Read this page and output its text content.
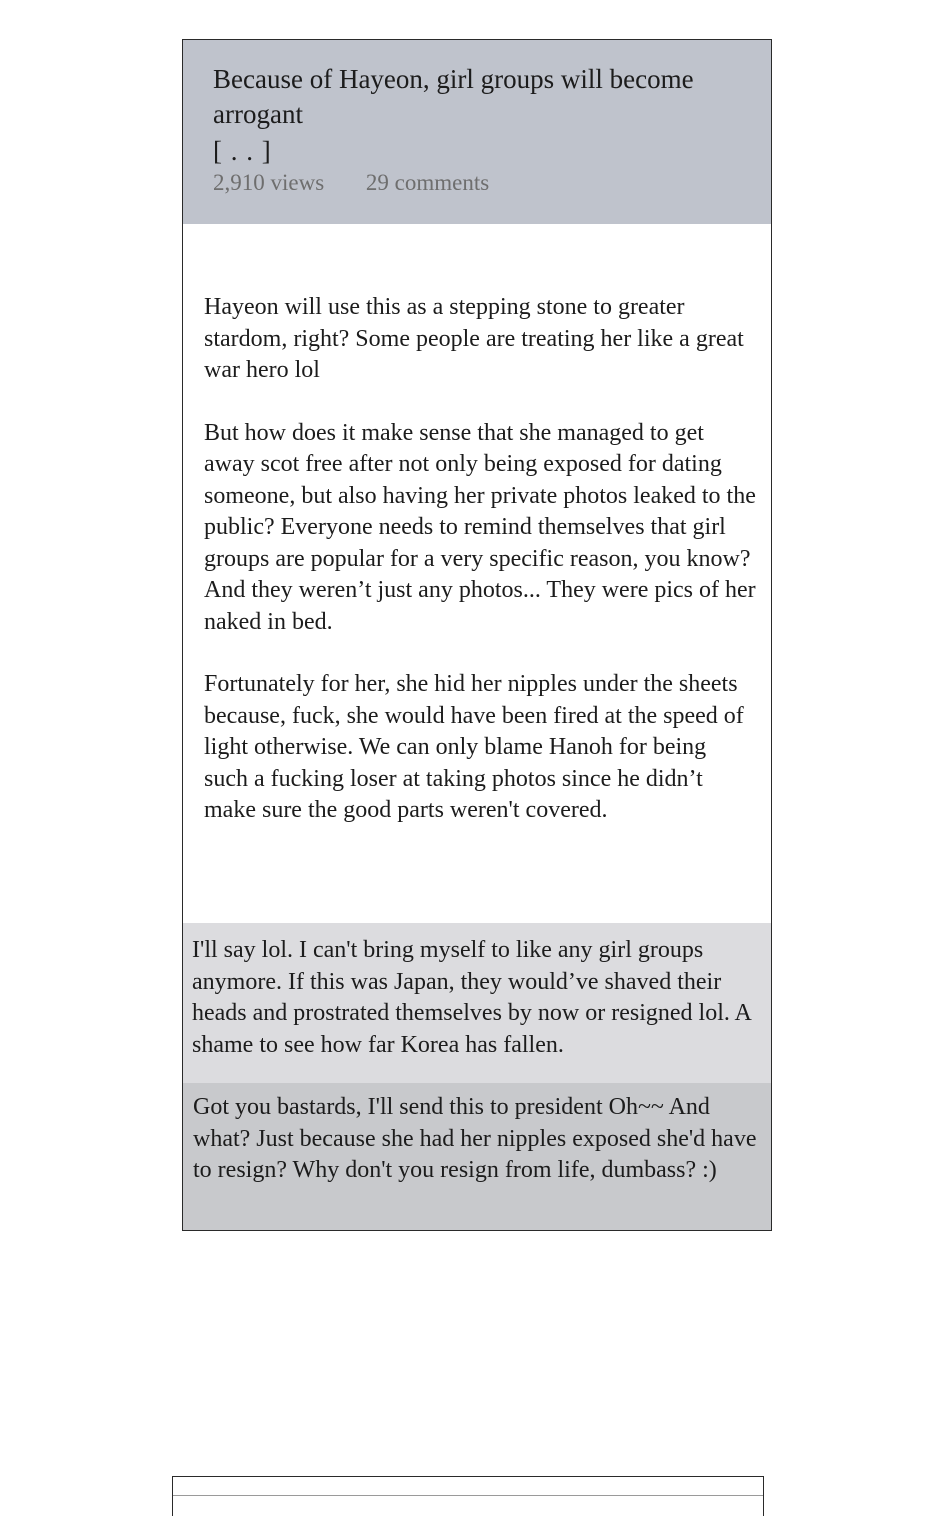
Because of Hayeon, girl groups will become arrogant
[ . . ]
2,910 views 29 comments

Hayeon will use this as a stepping stone to greater stardom, right? Some people are treating her like a great war hero lol

But how does it make sense that she managed to get away scot free after not only being exposed for dating someone, but also having her private photos leaked to the public? Everyone needs to remind themselves that girl groups are popular for a very specific reason, you know? And they weren’t just any photos... They were pics of her naked in bed.

Fortunately for her, she hid her nipples under the sheets because, fuck, she would have been fired at the speed of light otherwise. We can only blame Hanoh for being such a fucking loser at taking photos since he didn’t make sure the good parts weren't covered.

I'll say lol. I can't bring myself to like any girl groups anymore. If this was Japan, they would’ve shaved their heads and prostrated themselves by now or resigned lol. A shame to see how far Korea has fallen.
Got you bastards, I'll send this to president Oh~~ And what? Just because she had her nipples exposed she'd have to resign? Why don't you resign from life, dumbass? :)
